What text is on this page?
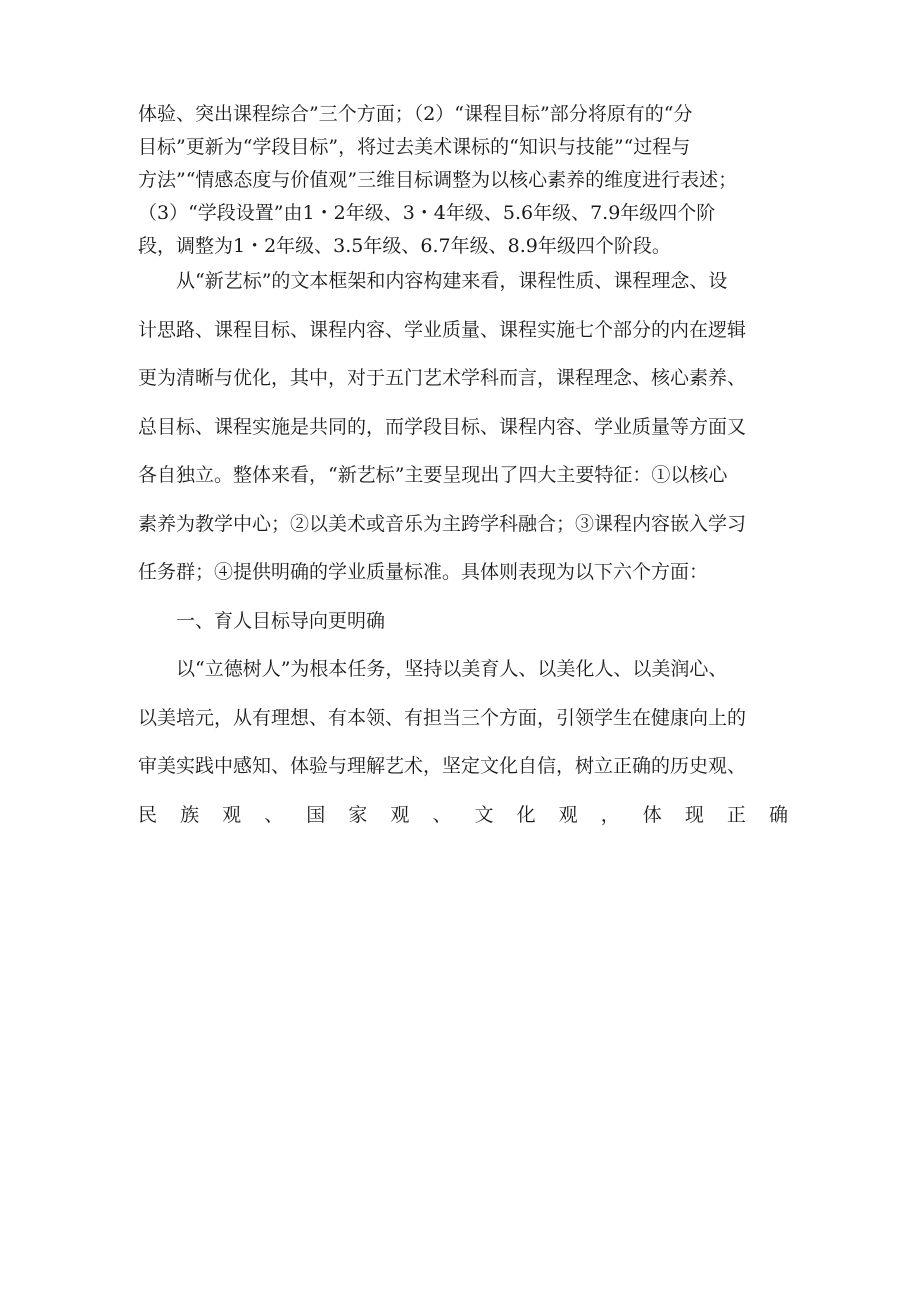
体验、突出课程综合”三个方面；（2）“课程目标”部分将原有的“分
目标”更新为“学段目标”，将过去美术课标的“知识与技能”“过程与
方法”“情感态度与价值观”三维目标调整为以核心素养的维度进行表述；
（3）“学段设置”由1・2年级、3・4年级、5.6年级、7.9年级四个阶
段，调整为1・2年级、3.5年级、6.7年级、8.9年级四个阶段。
从“新艺标”的文本框架和内容构建来看，课程性质、课程理念、设
计思路、课程目标、课程内容、学业质量、课程实施七个部分的内在逻辑
更为清晰与优化，其中，对于五门艺术学科而言，课程理念、核心素养、
总目标、课程实施是共同的，而学段目标、课程内容、学业质量等方面又
各自独立。整体来看，“新艺标”主要呈现出了四大主要特征：①以核心
素养为教学中心；②以美术或音乐为主跨学科融合；③课程内容嵌入学习
任务群；④提供明确的学业质量标准。具体则表现为以下六个方面：
一、育人目标导向更明确
以“立德树人”为根本任务，坚持以美育人、以美化人、以美润心、
以美培元，从有理想、有本领、有担当三个方面，引领学生在健康向上的
审美实践中感知、体验与理解艺术，坚定文化自信，树立正确的历史观、
民 族 观 、 国 家 观 、 文 化 观 ， 体 现 正 确
